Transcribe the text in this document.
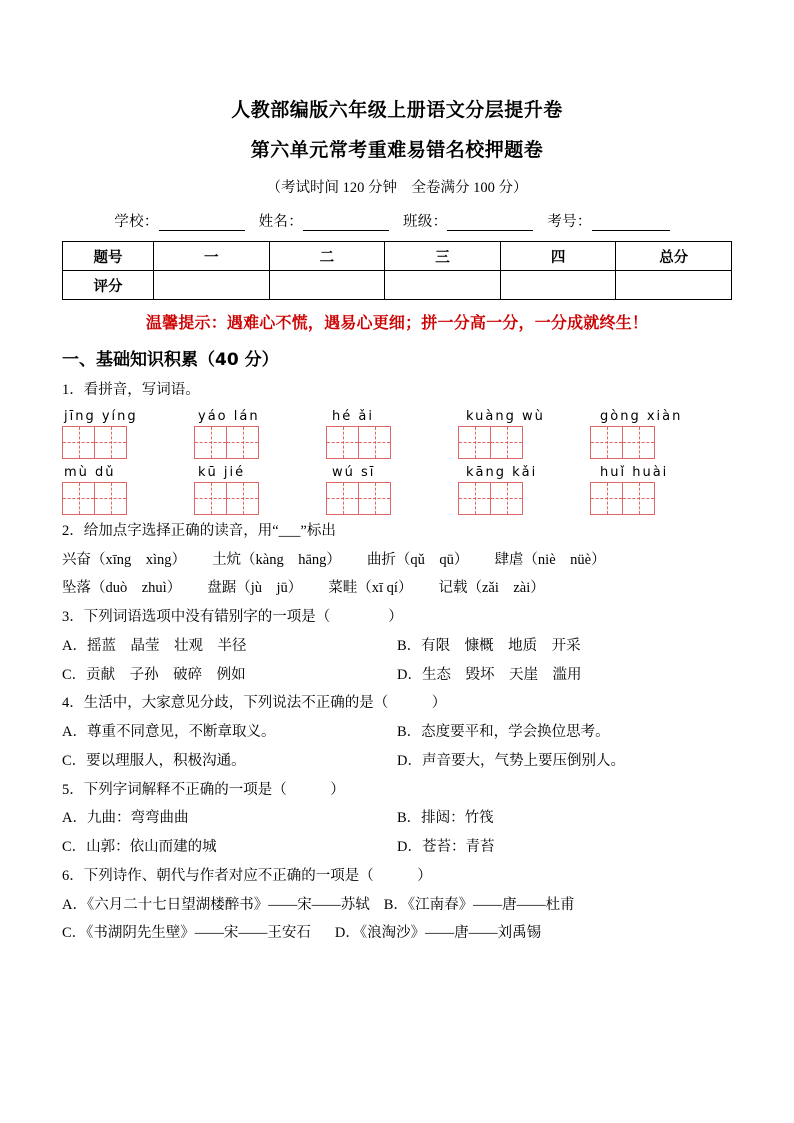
人教部编版六年级上册语文分层提升卷
第六单元常考重难易错名校押题卷
（考试时间 120 分钟　全卷满分 100 分）
学校：	姓名：	班级：	考号：
题号	一	二	三	四	总分
评分					
温馨提示：遇难心不慌，遇易心更细；拼一分高一分，一分成就终生！
一、基础知识积累（40 分）
1．看拼音，写词语。
jīng yíng	yáo lán	hé ǎi	kuàng wù	gòng xiàn
mù dǔ	kū jié	wú sī	kāng kǎi	huǐ huài
2．给加点字选择正确的读音，用“___”标出
兴奋（xīng　xìng） 土炕（kàng　hāng） 曲折（qǔ　qū） 肆虐（niè　nüè）
坠落（duò　zhuì） 盘踞（jù　jū） 菜畦（xī qí） 记载（zǎi　zài）
3．下列词语选项中没有错别字的一项是（　　　　）
A．摇蓝　晶莹　壮观　半径	B．有限　慷概　地质　开采
C．贡献　子孙　破碎　例如	D．生态　毁坏　天崖　滥用
4．生活中，大家意见分歧，下列说法不正确的是（　　　）
A．尊重不同意见，不断章取义。	B．态度要平和，学会换位思考。
C．要以理服人，积极沟通。	D．声音要大，气势上要压倒别人。
5．下列字词解释不正确的一项是（　　　）
A．九曲：弯弯曲曲	B．排闼：竹筏
C．山郭：依山而建的城	D．苍苔：青苔
6．下列诗作、朝代与作者对应不正确的一项是（　　　）
A．《六月二十七日望湖楼醉书》——宋——苏轼 B．《江南春》——唐——杜甫
C．《书湖阴先生壁》——宋——王安石 D．《浪淘沙》——唐——刘禹锡
